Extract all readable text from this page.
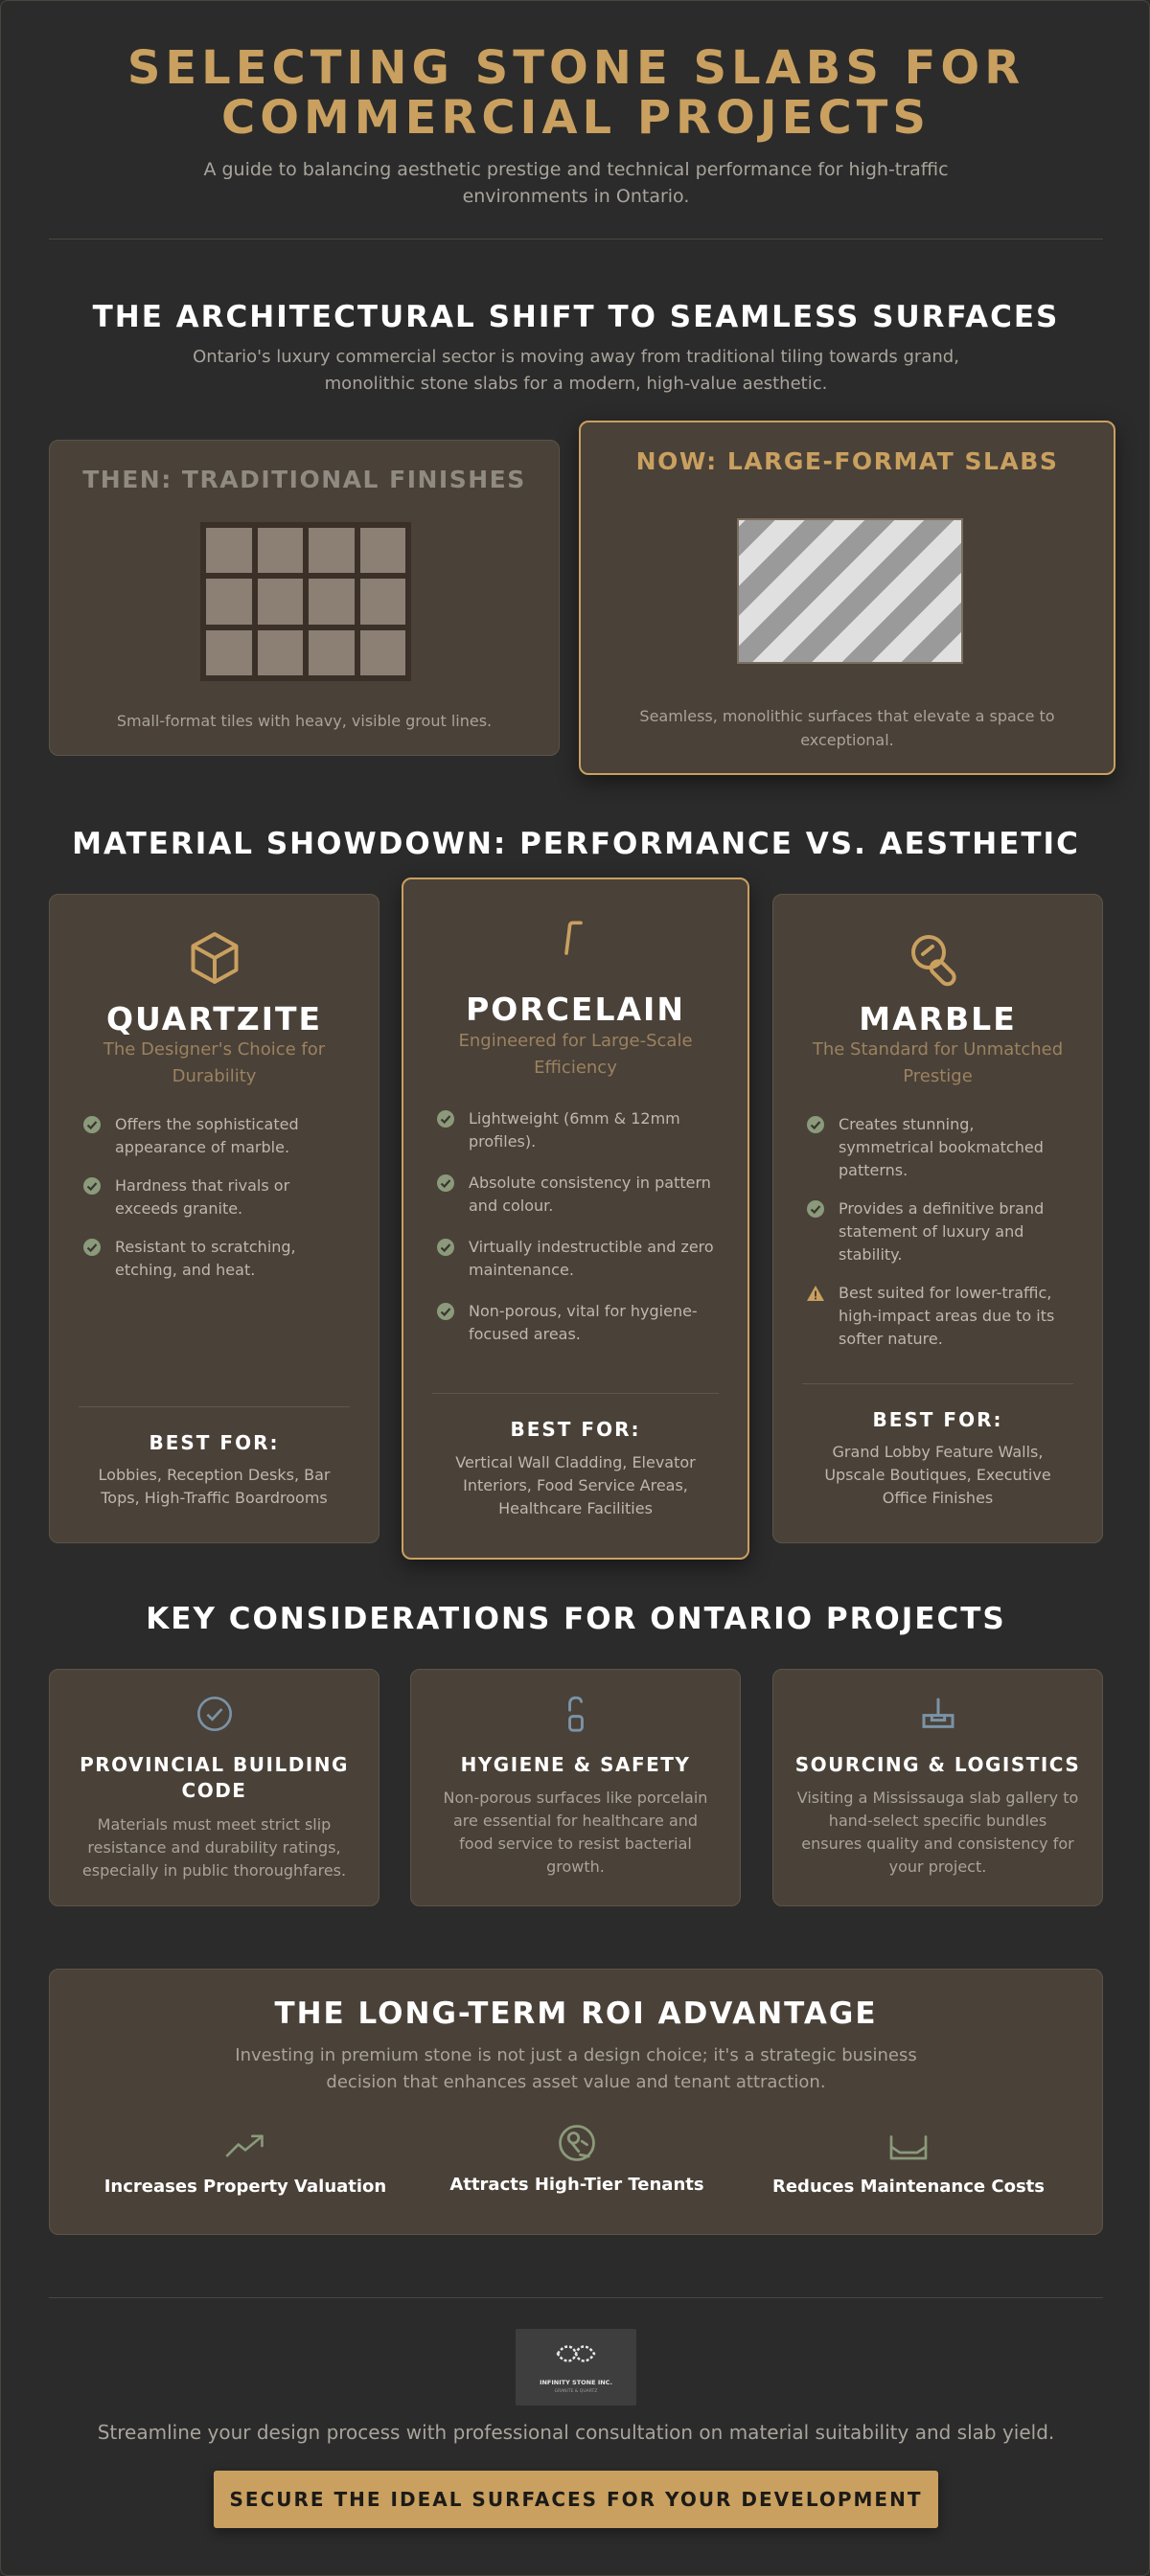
SELECTING STONE SLABS FOR COMMERCIAL PROJECTS

A guide to balancing aesthetic prestige and technical performance for high-traffic environments in Ontario.

THE ARCHITECTURAL SHIFT TO SEAMLESS SURFACES

Ontario's luxury commercial sector is moving away from traditional tiling towards grand, monolithic stone slabs for a modern, high-value aesthetic.

THEN: TRADITIONAL FINISHES
Small-format tiles with heavy, visible grout lines.
NOW: LARGE-FORMAT SLABS
Seamless, monolithic surfaces that elevate a space to exceptional.
MATERIAL SHOWDOWN: PERFORMANCE VS. AESTHETIC
QUARTZITE
The Designer's Choice for Durability
Offers the sophisticated appearance of marble.
Hardness that rivals or exceeds granite.
Resistant to scratching, etching, and heat.
BEST FOR:
Lobbies, Reception Desks, Bar Tops, High-Traffic Boardrooms
PORCELAIN
Engineered for Large-Scale Efficiency
Lightweight (6mm & 12mm profiles).
Absolute consistency in pattern and colour.
Virtually indestructible and zero maintenance.
Non-porous, vital for hygiene-focused areas.
BEST FOR:
Vertical Wall Cladding, Elevator Interiors, Food Service Areas, Healthcare Facilities
MARBLE
The Standard for Unmatched Prestige
Creates stunning, symmetrical bookmatched patterns.
Provides a definitive brand statement of luxury and stability.
Best suited for lower-traffic, high-impact areas due to its softer nature.
BEST FOR:
Grand Lobby Feature Walls, Upscale Boutiques, Executive Office Finishes
KEY CONSIDERATIONS FOR ONTARIO PROJECTS
PROVINCIAL BUILDING CODE
Materials must meet strict slip resistance and durability ratings, especially in public thoroughfares.
HYGIENE & SAFETY
Non-porous surfaces like porcelain are essential for healthcare and food service to resist bacterial growth.
SOURCING & LOGISTICS
Visiting a Mississauga slab gallery to hand-select specific bundles ensures quality and consistency for your project.
THE LONG-TERM ROI ADVANTAGE
Investing in premium stone is not just a design choice; it's a strategic business decision that enhances asset value and tenant attraction.
Increases Property Valuation	Attracts High-Tier Tenants	Reduces Maintenance Costs
INFINITY STONE INC.
GRANITE & QUARTZ

Streamline your design process with professional consultation on material suitability and slab yield.

SECURE THE IDEAL SURFACES FOR YOUR DEVELOPMENT
